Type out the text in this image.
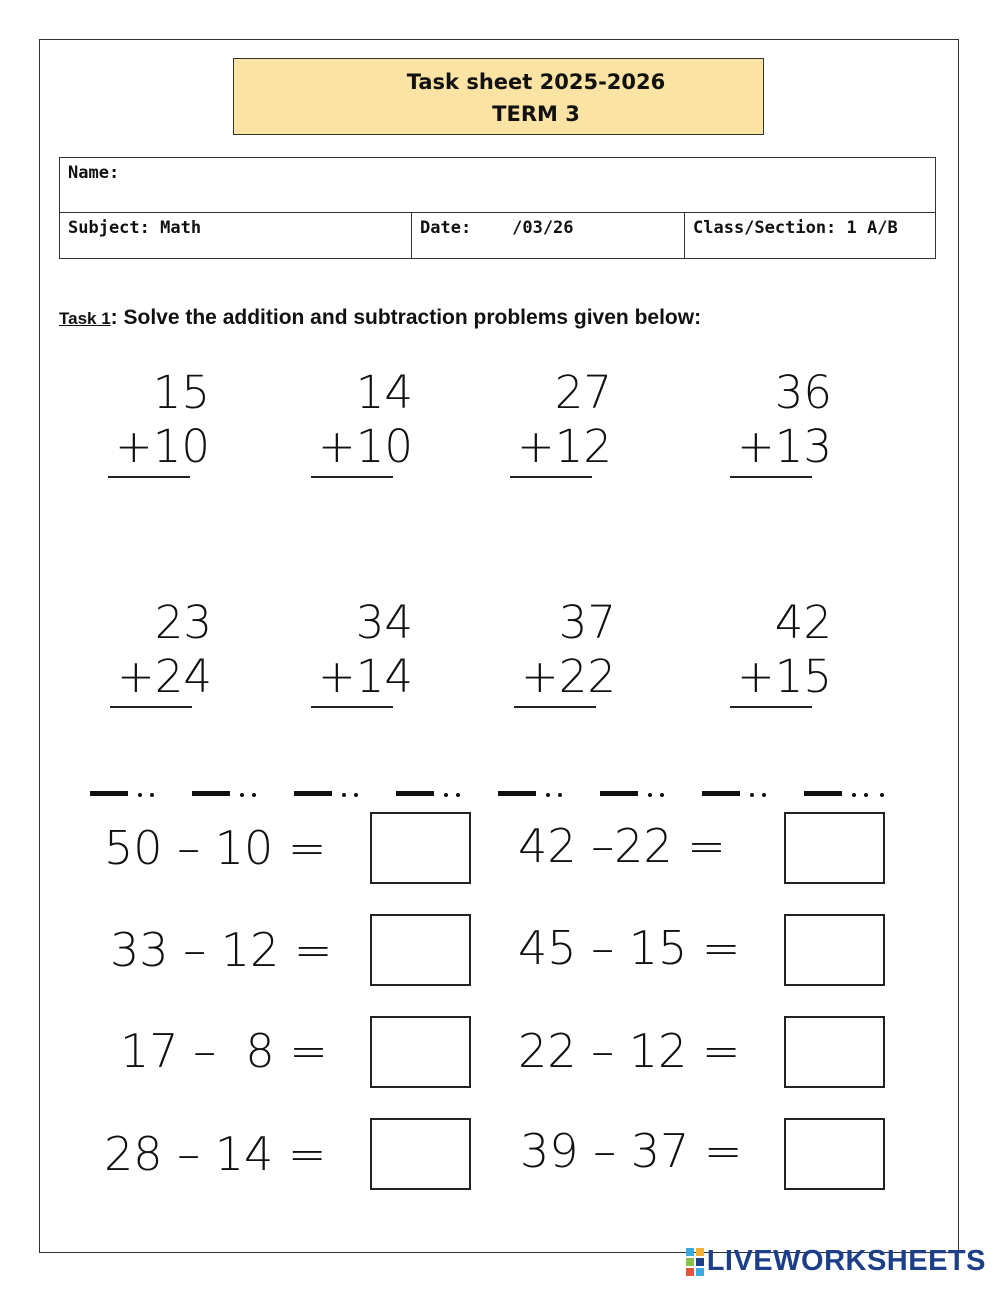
Task sheet 2025-2026
TERM 3
Name:
Subject: Math	Date:    /03/26	Class/Section: 1 A/B
Task 1: Solve the addition and subtraction problems given below:
15
+10
14
+10
27
+12
36
+13
23
+24
34
+14
37
+22
42
+15
50 – 10 =	42 –22 =
33 – 12 =	45 – 15 =
17 –  8 =	22 – 12 =
28 – 14 =	39 – 37 =

LIVEWORKSHEETS
